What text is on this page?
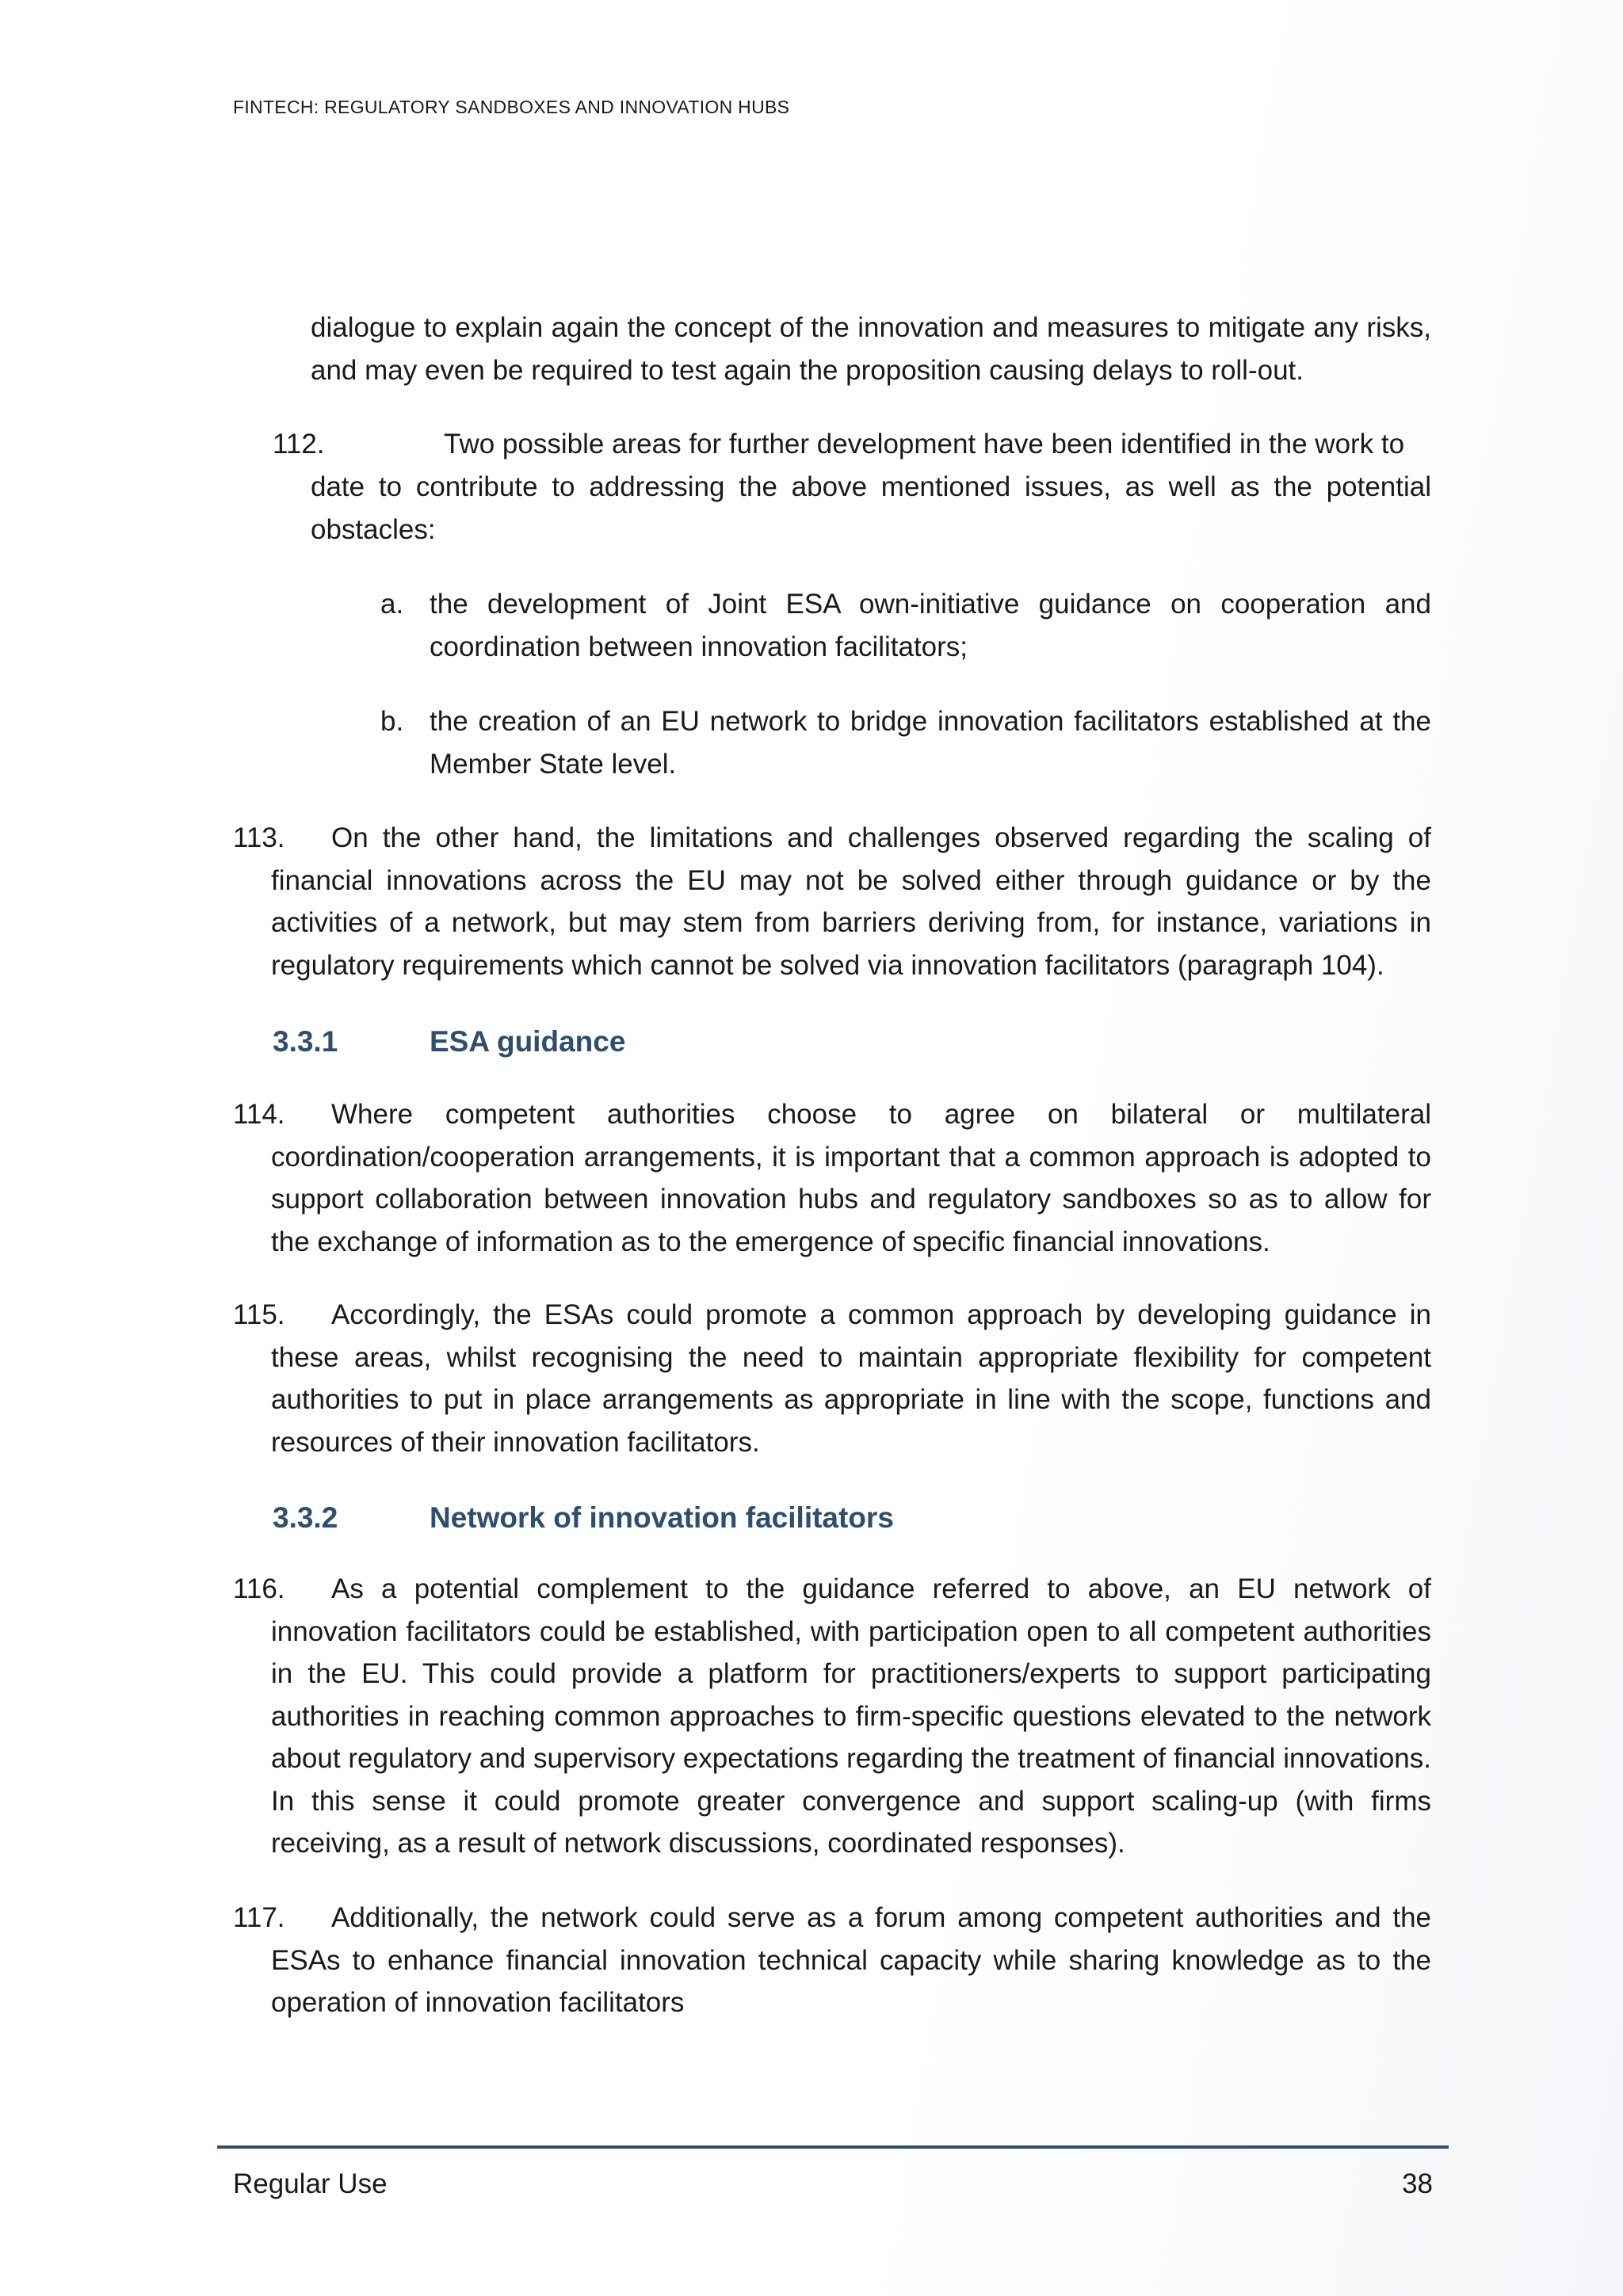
FINTECH: REGULATORY SANDBOXES AND INNOVATION HUBS
dialogue to explain again the concept of the innovation and measures to mitigate any risks, and may even be required to test again the proposition causing delays to roll-out.
112.	Two possible areas for further development have been identified in the work to
date to contribute to addressing the above mentioned issues, as well as the potential obstacles:
a. the development of Joint ESA own-initiative guidance on cooperation and coordination between innovation facilitators;
b. the creation of an EU network to bridge innovation facilitators established at the Member State level.
113.	On the other hand, the limitations and challenges observed regarding the scaling of financial innovations across the EU may not be solved either through guidance or by the activities of a network, but may stem from barriers deriving from, for instance, variations in regulatory requirements which cannot be solved via innovation facilitators (paragraph 104).
3.3.1	ESA guidance
114.	Where competent authorities choose to agree on bilateral or multilateral coordination/cooperation arrangements, it is important that a common approach is adopted to support collaboration between innovation hubs and regulatory sandboxes so as to allow for the exchange of information as to the emergence of specific financial innovations.
115.	Accordingly, the ESAs could promote a common approach by developing guidance in these areas, whilst recognising the need to maintain appropriate flexibility for competent authorities to put in place arrangements as appropriate in line with the scope, functions and resources of their innovation facilitators.
3.3.2	Network of innovation facilitators
116.	As a potential complement to the guidance referred to above, an EU network of innovation facilitators could be established, with participation open to all competent authorities in the EU. This could provide a platform for practitioners/experts to support participating authorities in reaching common approaches to firm-specific questions elevated to the network about regulatory and supervisory expectations regarding the treatment of financial innovations. In this sense it could promote greater convergence and support scaling-up (with firms receiving, as a result of network discussions, coordinated responses).
117.	Additionally, the network could serve as a forum among competent authorities and the ESAs to enhance financial innovation technical capacity while sharing knowledge as to the operation of innovation facilitators
Regular Use	38
